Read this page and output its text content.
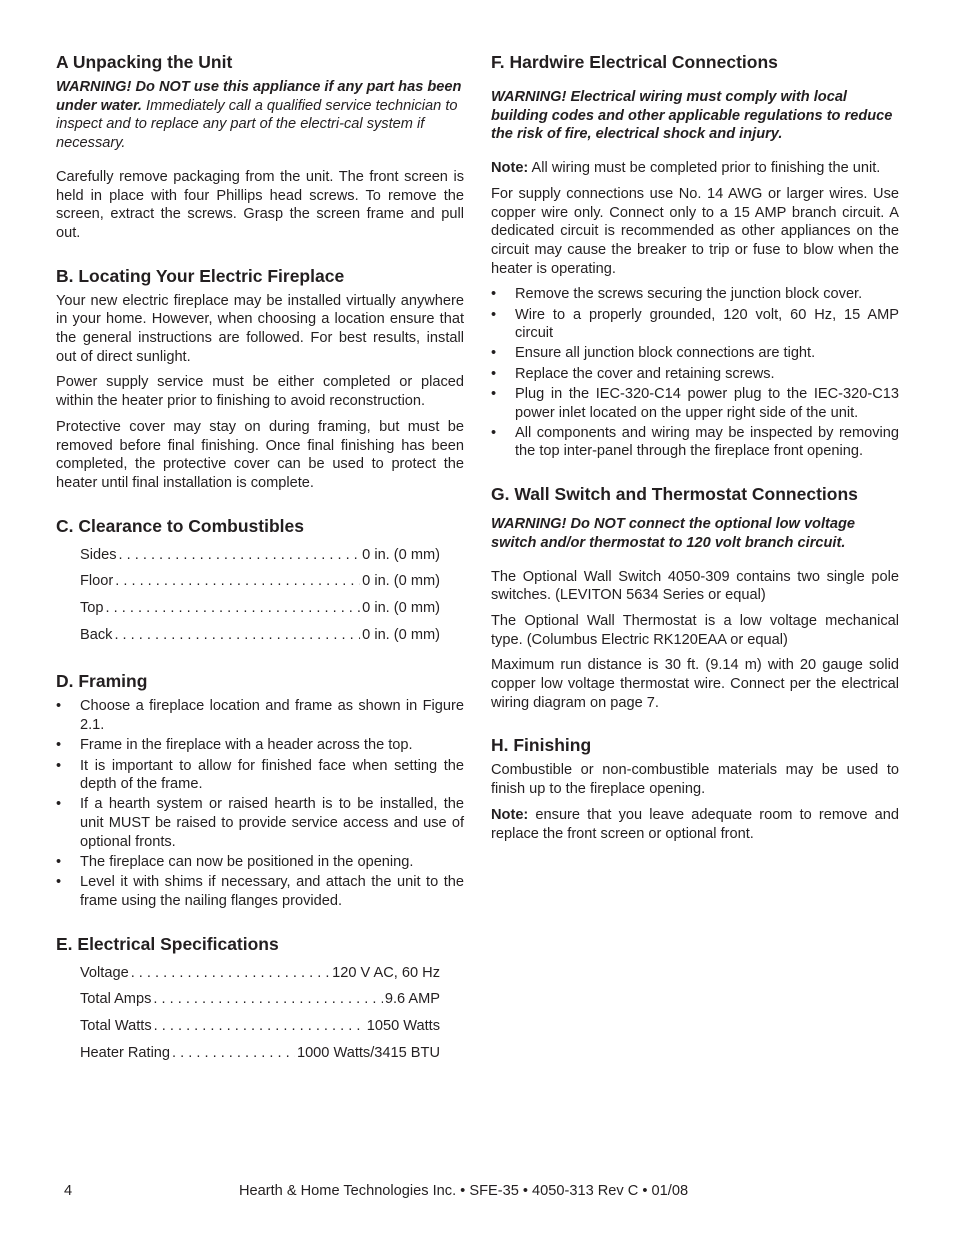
A Unpacking the Unit

WARNING! Do NOT use this appliance if any part has been under water. Immediately call a qualified service technician to inspect and to replace any part of the electri-cal system if necessary.

Carefully remove packaging from the unit. The front screen is held in place with four Phillips head screws. To remove the screen, extract the screws. Grasp the screen frame and pull out.

B. Locating Your Electric Fireplace

Your new electric fireplace may be installed virtually anywhere in your home. However, when choosing a location ensure that the general instructions are followed. For best results, install out of direct sunlight.

Power supply service must be either completed or placed within the heater prior to finishing to avoid reconstruction.

Protective cover may stay on during framing, but must be removed before final finishing. Once final finishing has been completed, the protective cover can be used to protect the heater until final installation is complete.

C. Clearance to Combustibles
Sides . . .	0 in. (0 mm)
Floor . . .	0 in. (0 mm)
Top . . .	0 in. (0 mm)
Back . . .	0 in. (0 mm)
D. Framing
• Choose a fireplace location and frame as shown in Figure 2.1.
• Frame in the fireplace with a header across the top.
• It is important to allow for finished face when setting the depth of the frame.
• If a hearth system or raised hearth is to be installed, the unit MUST be raised to provide service access and use of optional fronts.
• The fireplace can now be positioned in the opening.
• Level it with shims if necessary, and attach the unit to the frame using the nailing flanges provided.
E. Electrical Specifications
Voltage . . .	120 V AC, 60 Hz
Total Amps . . .	9.6 AMP
Total Watts . . .	1050 Watts
Heater Rating . . .	1000 Watts/3415 BTU
F. Hardwire Electrical Connections

WARNING! Electrical wiring must comply with local building codes and other applicable regulations to reduce the risk of fire, electrical shock and injury.

Note: All wiring must be completed prior to finishing the unit.

For supply connections use No. 14 AWG or larger wires. Use copper wire only. Connect only to a 15 AMP branch circuit. A dedicated circuit is recommended as other appliances on the circuit may cause the breaker to trip or fuse to blow when the heater is operating.

• Remove the screws securing the junction block cover.
• Wire to a properly grounded, 120 volt, 60 Hz, 15 AMP circuit
• Ensure all junction block connections are tight.
• Replace the cover and retaining screws.
• Plug in the IEC-320-C14 power plug to the IEC-320-C13 power inlet located on the upper right side of the unit.
• All components and wiring may be inspected by removing the top inter-panel through the fireplace front opening.
G. Wall Switch and Thermostat Connections

WARNING! Do NOT connect the optional low voltage switch and/or thermostat to 120 volt branch circuit.

The Optional Wall Switch 4050-309 contains two single pole switches. (LEVITON 5634 Series or equal)

The Optional Wall Thermostat is a low voltage mechanical type. (Columbus Electric RK120EAA or equal)

Maximum run distance is 30 ft. (9.14 m) with 20 gauge solid copper low voltage thermostat wire. Connect per the electrical wiring diagram on page 7.

H. Finishing

Combustible or non-combustible materials may be used to finish up to the fireplace opening.

Note: ensure that you leave adequate room to remove and replace the front screen or optional front.

4	Hearth & Home Technologies Inc. • SFE-35 • 4050-313 Rev C • 01/08
